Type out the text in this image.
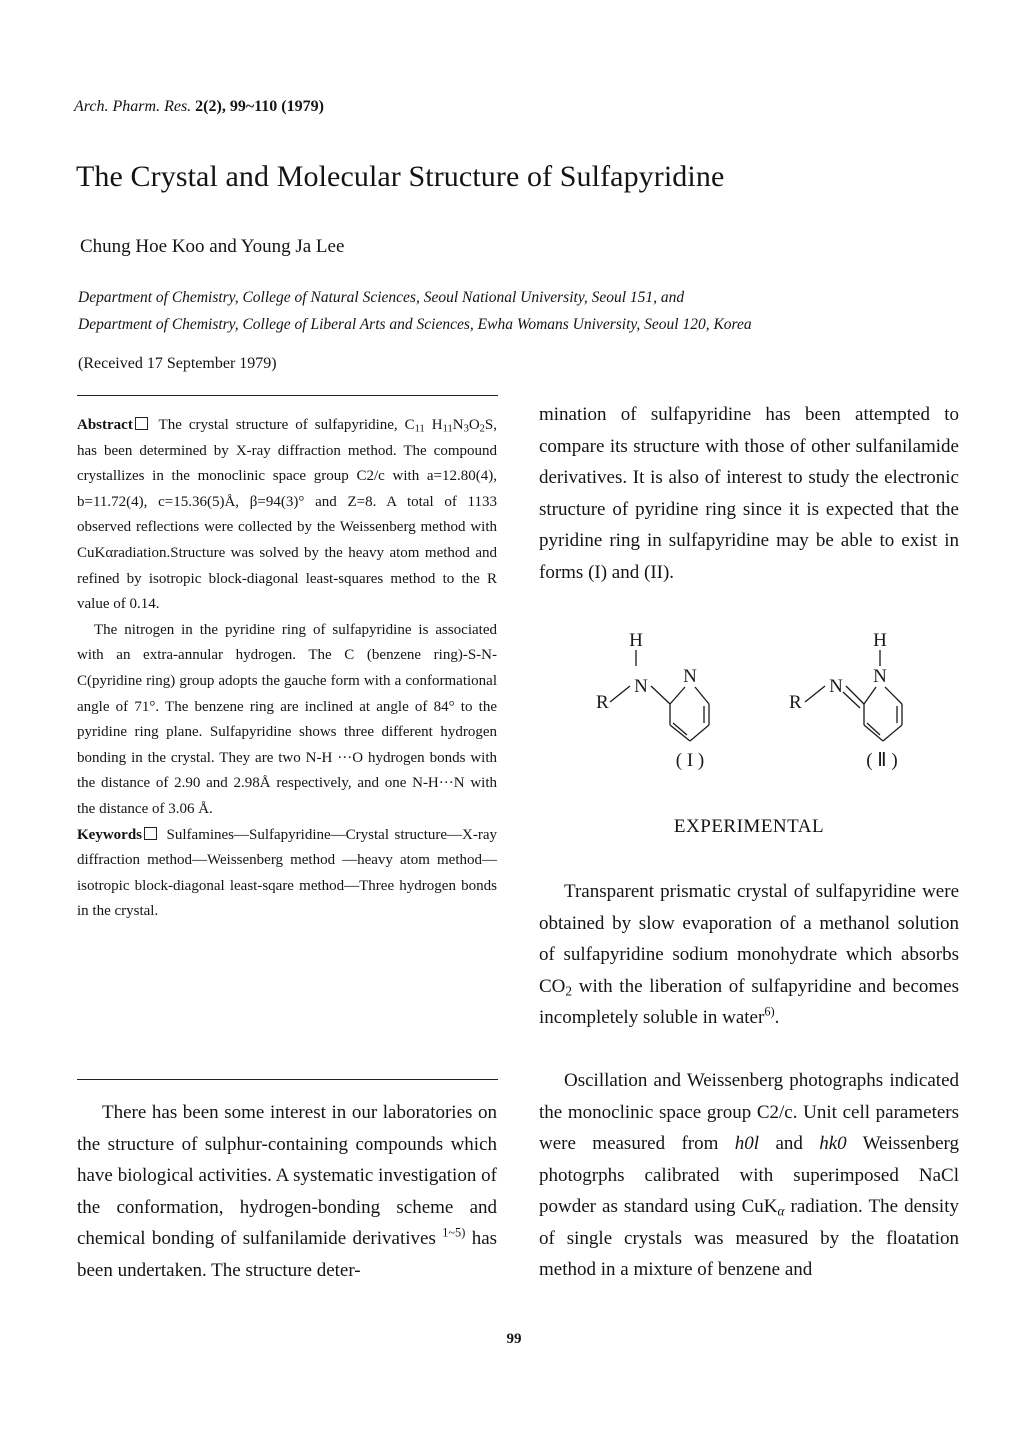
Arch. Pharm. Res. 2(2), 99~110 (1979)
The Crystal and Molecular Structure of Sulfapyridine
Chung Hoe Koo and Young Ja Lee
Department of Chemistry, College of Natural Sciences, Seoul National University, Seoul 151, and
Department of Chemistry, College of Liberal Arts and Sciences, Ewha Womans University, Seoul 120, Korea
(Received 17 September 1979)

Abstract The crystal structure of sulfapyridine, $C_{11}$ $H_{11}N_3O_2S$, has been determined by X-ray diffraction method. The compound crystallizes in the monoclinic space group C2/c with a=12.80(4), b=11.72(4), c=15.36(5)Å, β=94(3)° and Z=8. A total of 1133 observed reflections were collected by the Weissenberg method with CuKαradiation.Structure was solved by the heavy atom method and refined by isotropic block-diagonal least-squares method to the R value of 0.14.

The nitrogen in the pyridine ring of sulfapyridine is associated with an extra-annular hydrogen. The C (benzene ring)-S-N-C(pyridine ring) group adopts the gauche form with a conformational angle of 71°. The benzene ring are inclined at angle of 84° to the pyridine ring plane. Sulfapyridine shows three different hydrogen bonding in the crystal. They are two N-H ···O hydrogen bonds with the distance of 2.90 and 2.98Å respectively, and one N-H···N with the distance of 3.06 Å.

Keywords Sulfamines—Sulfapyridine—Crystal structure—X-ray diffraction method—Weissenberg method —heavy atom method—isotropic block-diagonal least-sqare method—Three hydrogen bonds in the crystal.

There has been some interest in our laboratories on the structure of sulphur-containing compounds which have biological activities. A systematic investigation of the conformation, hydrogen-bonding scheme and chemical bonding of sulfanilamide derivatives $^{1\sim 5)}$ has been undertaken. The structure deter-

mination of sulfapyridine has been attempted to compare its structure with those of other sulfanilamide derivatives. It is also of interest to study the electronic structure of pyridine ring since it is expected that the pyridine ring in sulfapyridine may be able to exist in forms (I) and (II).

H
N N
R
( I )
H
N N
R
( Ⅱ )
EXPERIMENTAL

Transparent prismatic crystal of sulfapyridine were obtained by slow evaporation of a methanol solution of sulfapyridine sodium monohydrate which absorbs $CO_2$ with the liberation of sulfapyridine and becomes incompletely soluble in water$^{6)}$.

Oscillation and Weissenberg photographs indicated the monoclinic space group C2/c. Unit cell parameters were measured from h0l and hk0 Weissenberg photogrphs calibrated with superimposed NaCl powder as standard using CuK$_\alpha$ radiation. The density of single crystals was measured by the floatation method in a mixture of benzene and

99
